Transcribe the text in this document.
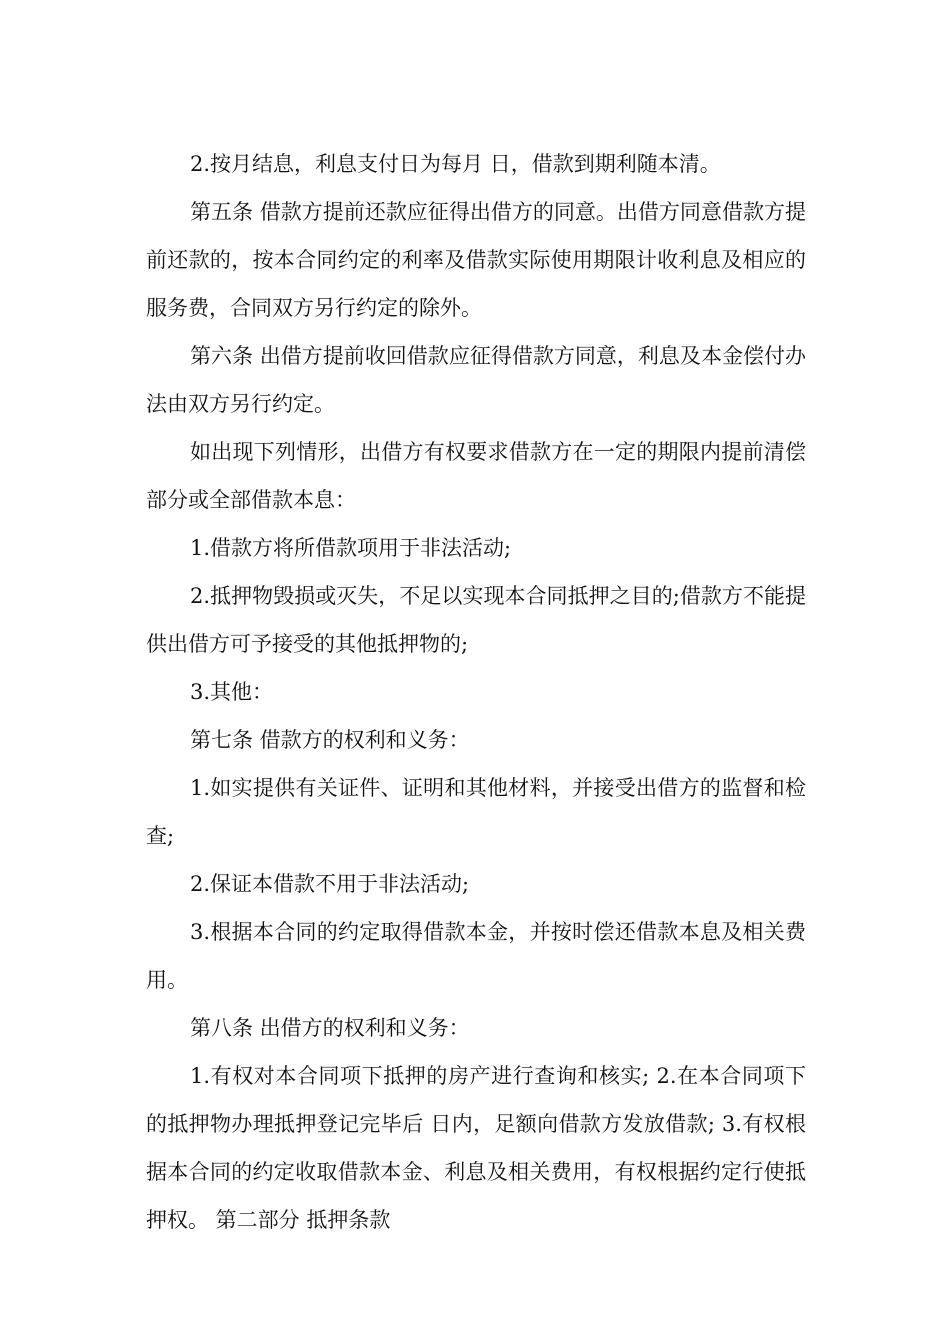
2.按月结息，利息支付日为每月 日，借款到期利随本清。

第五条 借款方提前还款应征得出借方的同意。出借方同意借款方提前还款的，按本合同约定的利率及借款实际使用期限计收利息及相应的服务费，合同双方另行约定的除外。

第六条 出借方提前收回借款应征得借款方同意，利息及本金偿付办法由双方另行约定。

如出现下列情形，出借方有权要求借款方在一定的期限内提前清偿部分或全部借款本息：

1.借款方将所借款项用于非法活动;

2.抵押物毁损或灭失，不足以实现本合同抵押之目的;借款方不能提供出借方可予接受的其他抵押物的;

3.其他：

第七条 借款方的权利和义务：

1.如实提供有关证件、证明和其他材料，并接受出借方的监督和检查;

2.保证本借款不用于非法活动;

3.根据本合同的约定取得借款本金，并按时偿还借款本息及相关费用。

第八条 出借方的权利和义务：

1.有权对本合同项下抵押的房产进行查询和核实; 2.在本合同项下的抵押物办理抵押登记完毕后 日内，足额向借款方发放借款; 3.有权根据本合同的约定收取借款本金、利息及相关费用，有权根据约定行使抵押权。 第二部分 抵押条款
